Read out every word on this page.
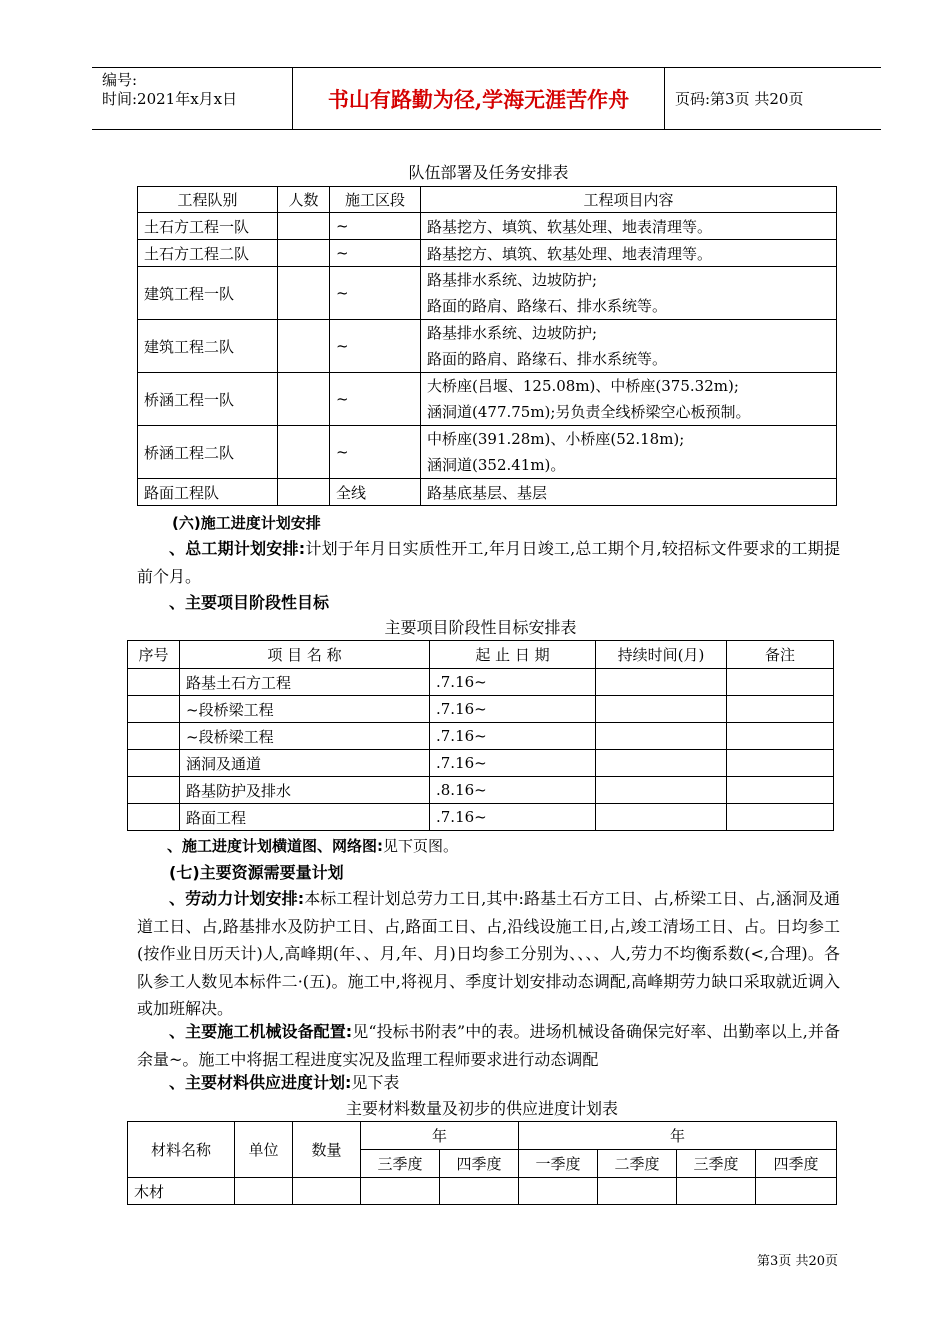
编号:
时间:2021年x月x日	书山有路勤为径,学海无涯苦作舟	页码:第3页 共20页
队伍部署及任务安排表
工程队别	人数	施工区段	工程项目内容
土石方工程一队		~	路基挖方、填筑、软基处理、地表清理等。

土石方工程二队		~	路基挖方、填筑、软基处理、地表清理等。

建筑工程一队		~	路基排水系统、边坡防护;
路面的路肩、路缘石、排水系统等。

建筑工程二队		~	路基排水系统、边坡防护;
路面的路肩、路缘石、排水系统等。

桥涵工程一队		~	大桥座(吕堰、125.08m)、中桥座(375.32m);
涵洞道(477.75m);另负责全线桥梁空心板预制。

桥涵工程二队		~	中桥座(391.28m)、小桥座(52.18m);
涵洞道(352.41m)。

路面工程队		全线	路基底基层、基层
(六)施工进度计划安排
、总工期计划安排:计划于年月日实质性开工,年月日竣工,总工期个月,较招标文件要求的工期提前个月。
、主要项目阶段性目标
主要项目阶段性目标安排表
序号	项 目 名 称	起 止 日 期	持续时间(月)	备注
	路基土石方工程	.7.16~		
	~段桥梁工程	.7.16~		
	~段桥梁工程	.7.16~		
	涵洞及通道	.7.16~		
	路基防护及排水	.8.16~		
	路面工程	.7.16~		
、施工进度计划横道图、网络图:见下页图。
(七)主要资源需要量计划
、劳动力计划安排:本标工程计划总劳力工日,其中:路基土石方工日、占,桥梁工日、占,涵洞及通道工日、占,路基排水及防护工日、占,路面工日、占,沿线设施工日,占,竣工清场工日、占。日均参工(按作业日历天计)人,高峰期(年、、月,年、月)日均参工分别为、、、、人,劳力不均衡系数(<,合理)。各队参工人数见本标件二·(五)。施工中,将视月、季度计划安排动态调配,高峰期劳力缺口采取就近调入或加班解决。
、主要施工机械设备配置:见“投标书附表”中的表。进场机械设备确保完好率、出勤率以上,并备余量~。施工中将据工程进度实况及监理工程师要求进行动态调配
、主要材料供应进度计划:见下表
主要材料数量及初步的供应进度计划表
材料名称	单位	数量	年		年			
			三季度	四季度	一季度	二季度	三季度	四季度
木材								
第3页 共20页
